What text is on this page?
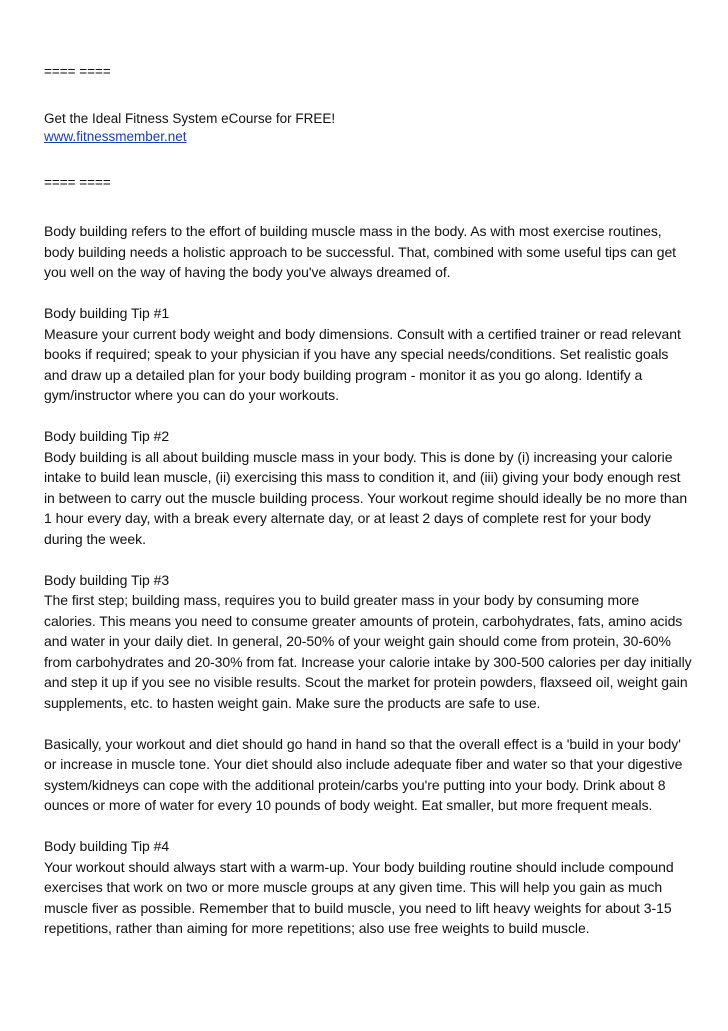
==== ====
Get the Ideal Fitness System eCourse for FREE!
www.fitnessmember.net
==== ====

Body building refers to the effort of building muscle mass in the body. As with most exercise routines, body building needs a holistic approach to be successful. That, combined with some useful tips can get you well on the way of having the body you've always dreamed of.

Body building Tip #1
Measure your current body weight and body dimensions. Consult with a certified trainer or read relevant books if required; speak to your physician if you have any special needs/conditions. Set realistic goals and draw up a detailed plan for your body building program - monitor it as you go along. Identify a gym/instructor where you can do your workouts.
Body building Tip #2
Body building is all about building muscle mass in your body. This is done by (i) increasing your calorie intake to build lean muscle, (ii) exercising this mass to condition it, and (iii) giving your body enough rest in between to carry out the muscle building process. Your workout regime should ideally be no more than 1 hour every day, with a break every alternate day, or at least 2 days of complete rest for your body during the week.
Body building Tip #3
The first step; building mass, requires you to build greater mass in your body by consuming more calories. This means you need to consume greater amounts of protein, carbohydrates, fats, amino acids and water in your daily diet. In general, 20-50% of your weight gain should come from protein, 30-60% from carbohydrates and 20-30% from fat. Increase your calorie intake by 300-500 calories per day initially and step it up if you see no visible results. Scout the market for protein powders, flaxseed oil, weight gain supplements, etc. to hasten weight gain. Make sure the products are safe to use.

Basically, your workout and diet should go hand in hand so that the overall effect is a 'build in your body' or increase in muscle tone. Your diet should also include adequate fiber and water so that your digestive system/kidneys can cope with the additional protein/carbs you're putting into your body. Drink about 8 ounces or more of water for every 10 pounds of body weight. Eat smaller, but more frequent meals.

Body building Tip #4
Your workout should always start with a warm-up. Your body building routine should include compound exercises that work on two or more muscle groups at any given time. This will help you gain as much muscle fiver as possible. Remember that to build muscle, you need to lift heavy weights for about 3-15 repetitions, rather than aiming for more repetitions; also use free weights to build muscle.
